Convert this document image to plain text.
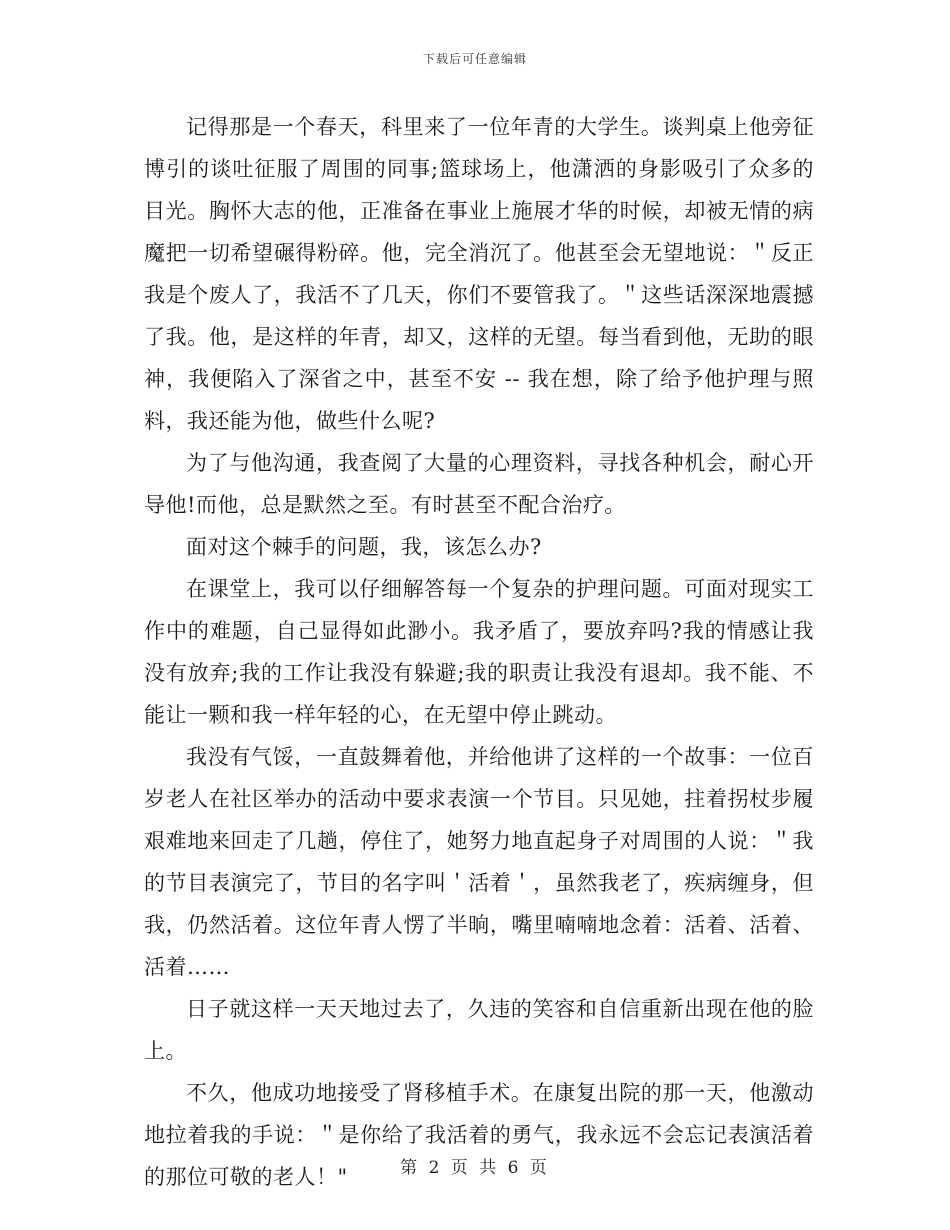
下载后可任意编辑

记得那是一个春天，科里来了一位年青的大学生。谈判桌上他旁征博引的谈吐征服了周围的同事;篮球场上，他潇洒的身影吸引了众多的目光。胸怀大志的他，正准备在事业上施展才华的时候，却被无情的病魔把一切希望碾得粉碎。他，完全消沉了。他甚至会无望地说：＂反正我是个废人了，我活不了几天，你们不要管我了。＂这些话深深地震撼了我。他，是这样的年青，却又，这样的无望。每当看到他，无助的眼神，我便陷入了深省之中，甚至不安 -- 我在想，除了给予他护理与照料，我还能为他，做些什么呢?

为了与他沟通，我查阅了大量的心理资料，寻找各种机会，耐心开导他!而他，总是默然之至。有时甚至不配合治疗。

面对这个棘手的问题，我，该怎么办?

在课堂上，我可以仔细解答每一个复杂的护理问题。可面对现实工作中的难题，自己显得如此渺小。我矛盾了，要放弃吗?我的情感让我没有放弃;我的工作让我没有躲避;我的职责让我没有退却。我不能、不能让一颗和我一样年轻的心，在无望中停止跳动。

我没有气馁，一直鼓舞着他，并给他讲了这样的一个故事：一位百岁老人在社区举办的活动中要求表演一个节目。只见她，拄着拐杖步履艰难地来回走了几趟，停住了，她努力地直起身子对周围的人说：＂我的节目表演完了，节目的名字叫＇活着＇，虽然我老了，疾病缠身，但我，仍然活着。这位年青人愣了半晌，嘴里喃喃地念着：活着、活着、活着……

日子就这样一天天地过去了，久违的笑容和自信重新出现在他的脸上。

不久，他成功地接受了肾移植手术。在康复出院的那一天，他激动地拉着我的手说：＂是你给了我活着的勇气，我永远不会忘记表演活着的那位可敬的老人！"	第 2 页 共 6 页
